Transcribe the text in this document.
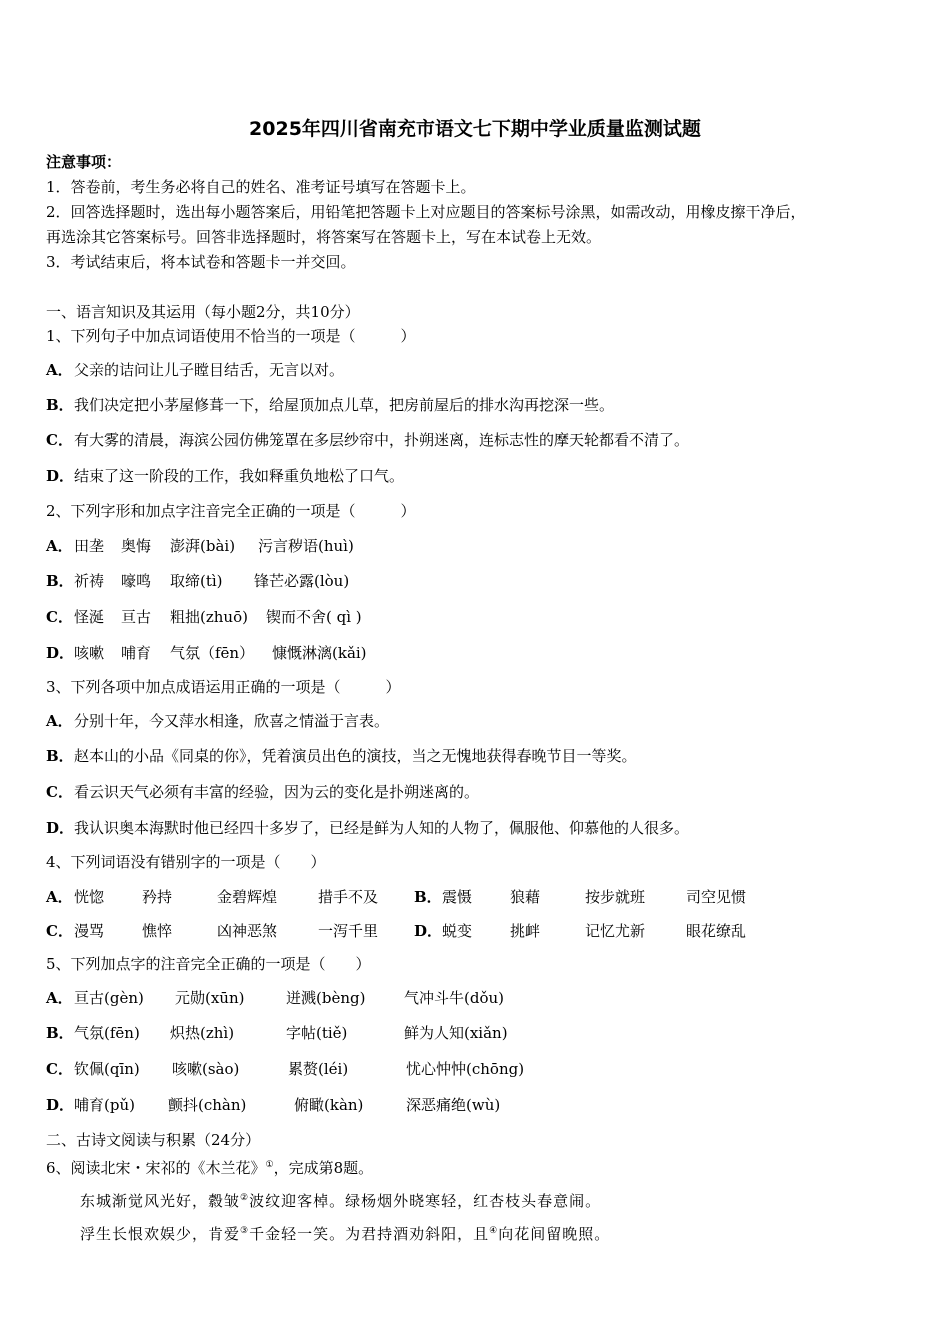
2025年四川省南充市语文七下期中学业质量监测试题
注意事项：
1．答卷前，考生务必将自己的姓名、准考证号填写在答题卡上。
2．回答选择题时，选出每小题答案后，用铅笔把答题卡上对应题目的答案标号涂黑，如需改动，用橡皮擦干净后，
再选涂其它答案标号。回答非选择题时，将答案写在答题卡上，写在本试卷上无效。
3．考试结束后，将本试卷和答题卡一并交回。
一、语言知识及其运用（每小题2分，共10分）
1、下列句子中加点词语使用不恰当的一项是（　　　）
A．父亲的诘问让儿子瞠目结舌，无言以对。
B．我们决定把小茅屋修葺一下，给屋顶加点儿草，把房前屋后的排水沟再挖深一些。
C．有大雾的清晨，海滨公园仿佛笼罩在多层纱帘中，扑朔迷离，连标志性的摩天轮都看不清了。
D．结束了这一阶段的工作，我如释重负地松了口气。
2、下列字形和加点字注音完全正确的一项是（　　　）
A． 田垄 奥悔 澎湃(bài) 污言秽语(huì)
B． 祈祷 嚎鸣 取缔(tì) 锋芒必露(lòu)
C． 怪涎 亘古 粗拙(zhuō) 锲而不舍( qì )
D． 咳嗽 哺育 气氛（fēn） 慷慨淋漓(kǎi)
3、下列各项中加点成语运用正确的一项是（　　　）
A．分别十年，今又萍水相逢，欣喜之情溢于言表。
B．赵本山的小品《同桌的你》，凭着演员出色的演技，当之无愧地获得春晚节目一等奖。
C．看云识天气必须有丰富的经验，因为云的变化是扑朔迷离的。
D．我认识奥本海默时他已经四十多岁了，已经是鲜为人知的人物了，佩服他、仰慕他的人很多。
4、下列词语没有错别字的一项是（　　）
A． 恍惚	矜持	金碧辉煌	措手不及 B． 震慑	狼藉	按步就班	司空见惯
C． 漫骂	憔悴	凶神恶煞	一泻千里 D． 蜕变	挑衅	记忆尤新	眼花缭乱
5、下列加点字的注音完全正确的一项是（　　）
A． 亘古(gèn) 元勋(xūn)	迸溅(bèng)	气冲斗牛(dǒu)
B． 气氛(fēn) 炽热(zhì)	字帖(tiě)	鲜为人知(xiǎn)
C． 钦佩(qīn) 咳嗽(sào)	累赘(léi)	忧心忡忡(chōng)
D． 哺育(pǔ) 颤抖(chàn)	俯瞰(kàn)	深恶痛绝(wù)
二、古诗文阅读与积累（24分）
6、阅读北宋・宋祁的《木兰花》①，完成第8题。
东城渐觉风光好，縠皱②波纹迎客棹。绿杨烟外晓寒轻，红杏枝头春意闹。
浮生长恨欢娱少，肯爱③千金轻一笑。为君持酒劝斜阳，且④向花间留晚照。
